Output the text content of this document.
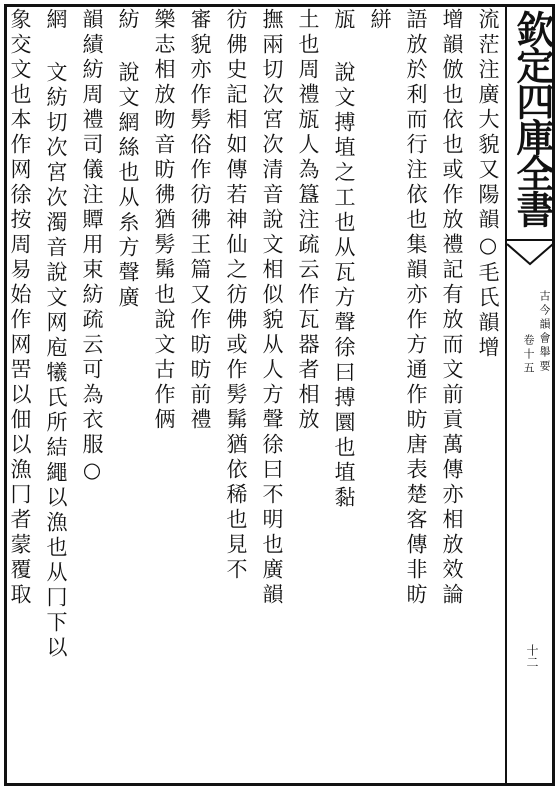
欽定四庫全書
古今韻會舉要
卷十五
十二
流茫注廣大貌又陽韻○毛氏韻增
增韻倣也依也或作放禮記有放而文前貢萬傳亦相放效論
語放於利而行注依也集韻亦作方通作昉唐表楚客傳非昉
絣
瓬 說文搏埴之工也从瓦方聲徐曰搏圜也埴黏
土也周禮瓬人為簋注疏云作瓦器者相放
撫兩切次宮次清音說文相似貌从人方聲徐曰不明也廣韻
彷佛史記相如傳若神仙之彷佛或作髣髴猶依稀也見不
審貌亦作髣俗作彷彿王篇又作昉昉前禮
樂志相放昒音昉彿猶髣髴也說文古作俩
紡 說文網絲也从糸方聲廣
韻績紡周禮司儀注贉用束紡疏云可為衣服○
網 文紡切次宮次濁音說文网庖犧氏所結繩以漁也从冂下以
象交文也本作网徐按周易始作网罟以佃以漁冂者蒙覆取
